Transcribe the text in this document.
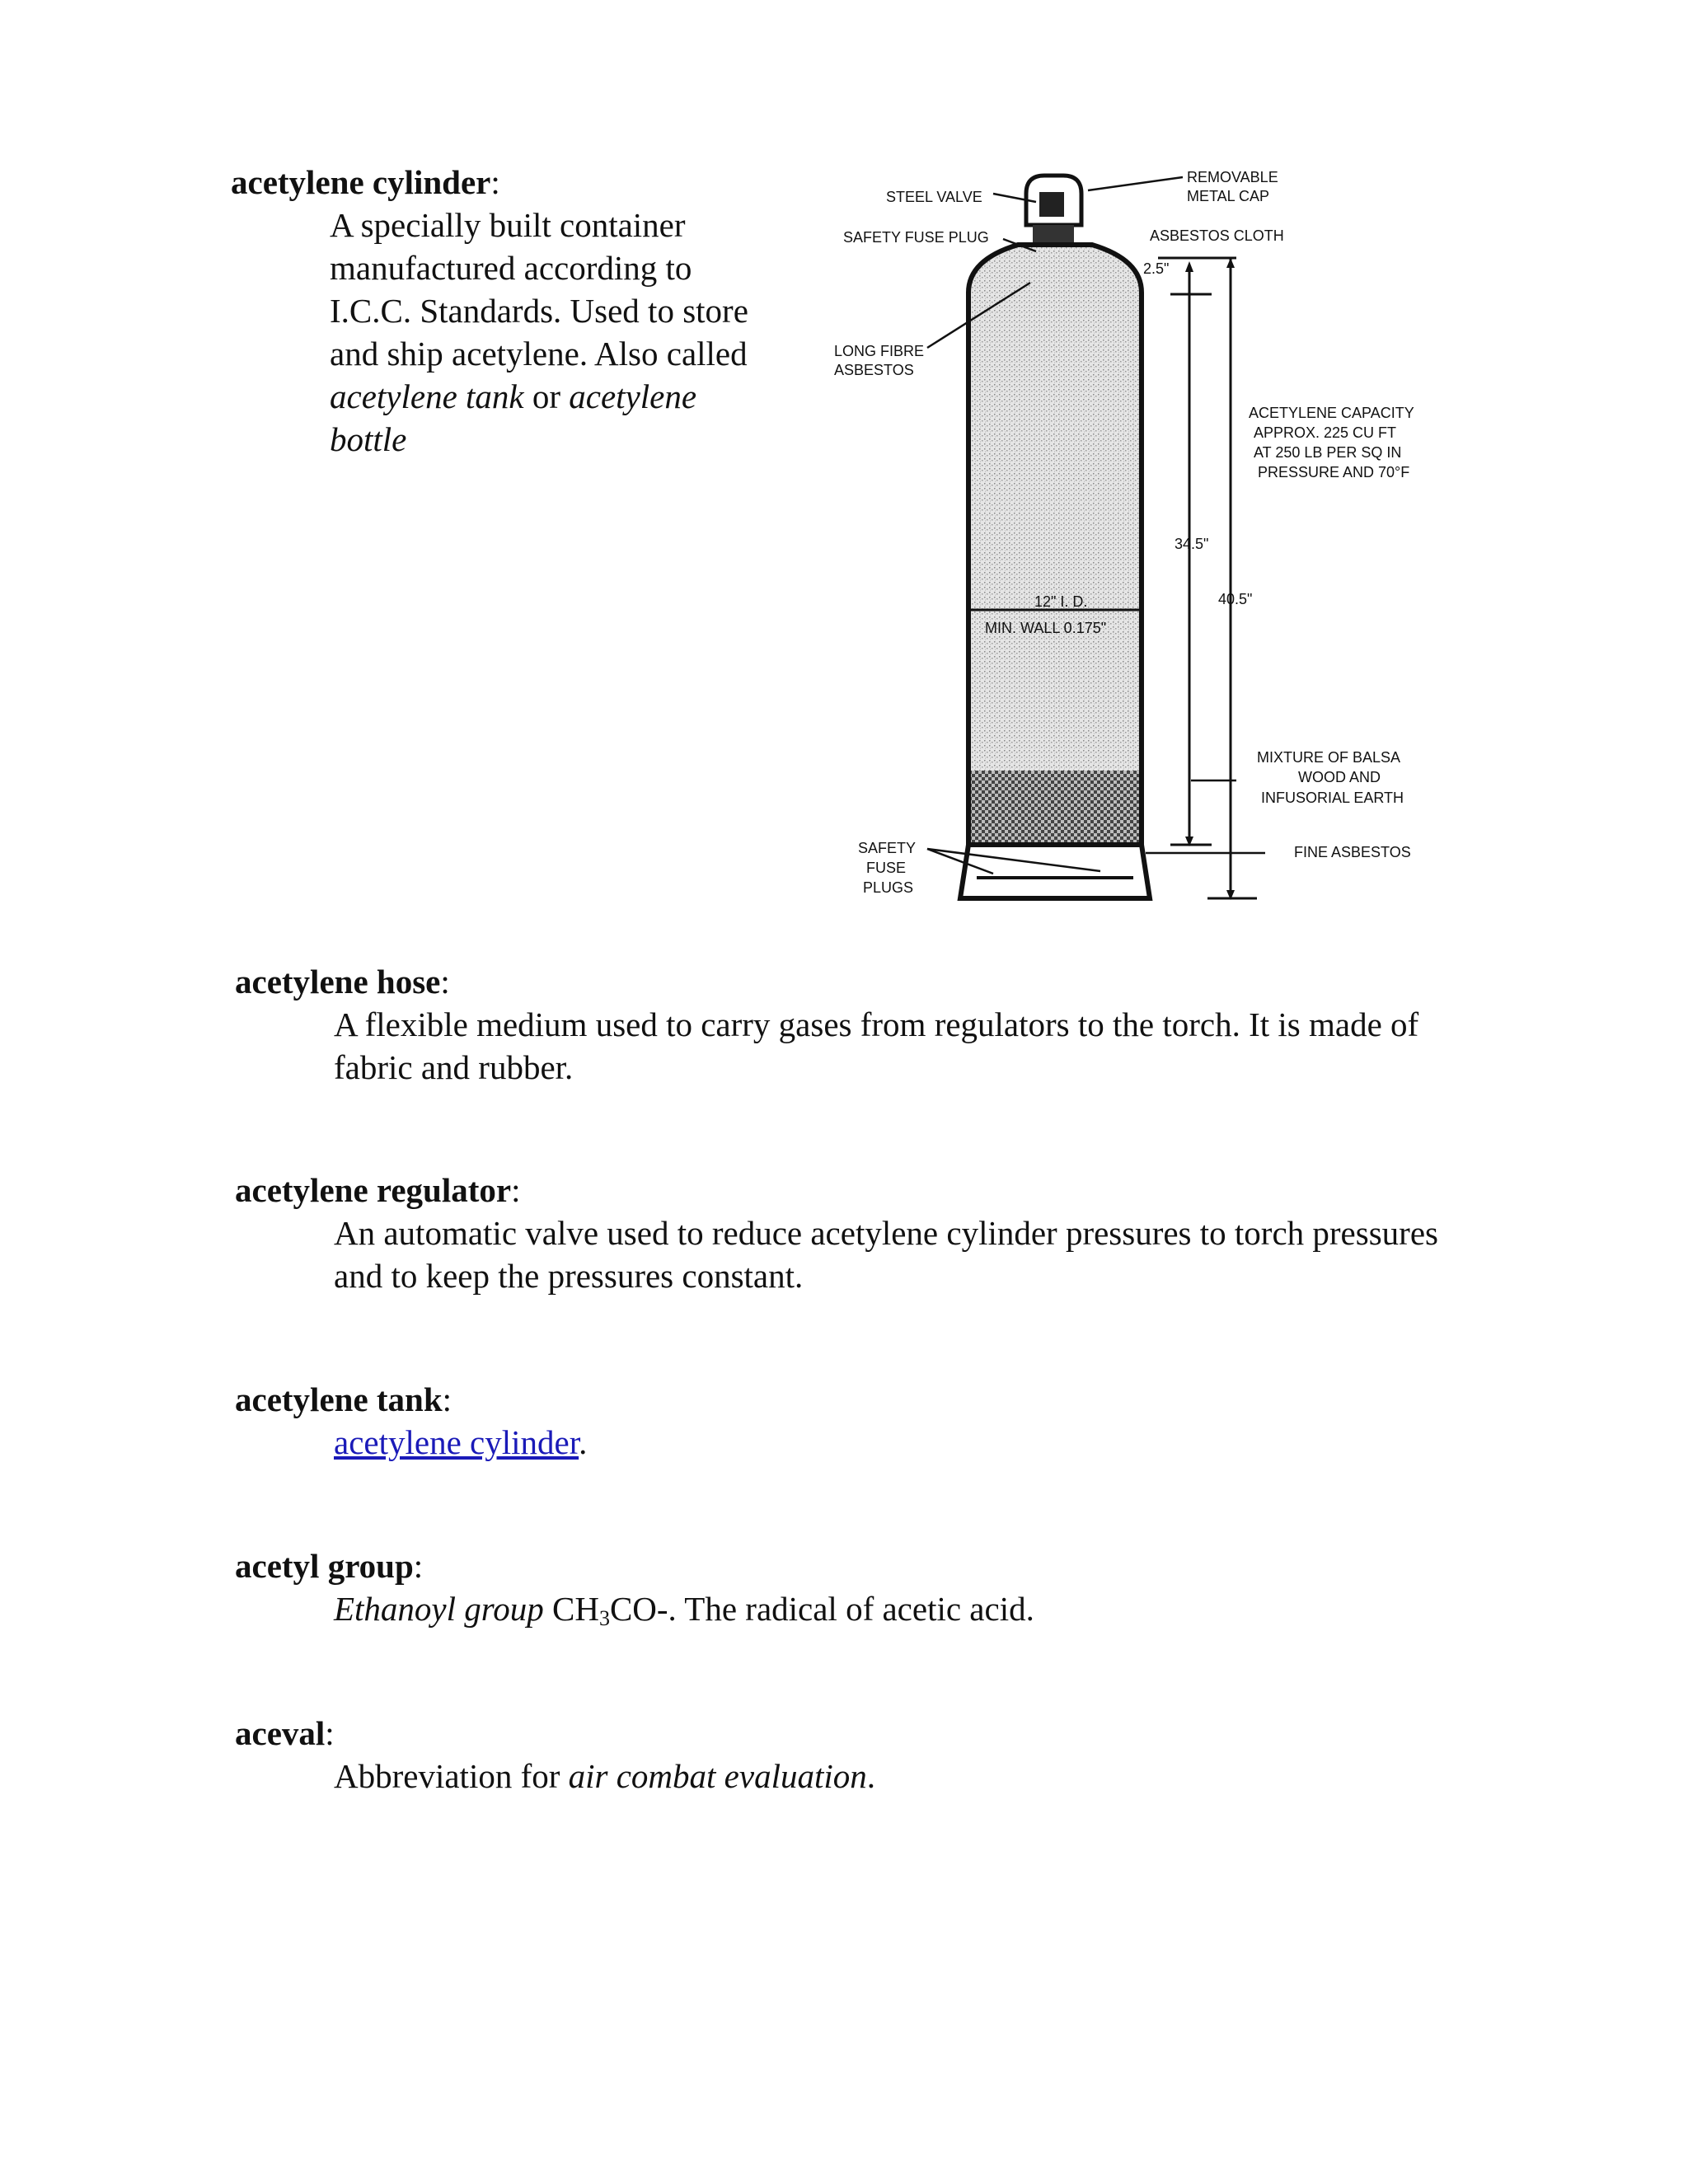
acetylene cylinder:

A specially built container
manufactured according to
I.C.C. Standards. Used to store
and ship acetylene. Also called
acetylene tank or acetylene
bottle
STEEL VALVE
REMOVABLE
METAL CAP
SAFETY FUSE PLUG	ASBESTOS CLOTH
2.5"
LONG FIBRE
ASBESTOS
ACETYLENE CAPACITY
APPROX. 225 CU FT
AT 250 LB PER SQ IN
PRESSURE AND 70°F
34.5"
40.5"
12" I. D.
MIN. WALL 0.175"
MIXTURE OF BALSA
WOOD AND
INFUSORIAL EARTH
FINE ASBESTOS
SAFETY
FUSE
PLUGS

acetylene hose:

A flexible medium used to carry gases from regulators to the torch. It is made of fabric and rubber.

acetylene regulator:

An automatic valve used to reduce acetylene cylinder pressures to torch pressures and to keep the pressures constant.

acetylene tank:

acetylene cylinder.

acetyl group:

Ethanoyl group $CH_3CO-$. The radical of acetic acid.

aceval:

Abbreviation for air combat evaluation.
